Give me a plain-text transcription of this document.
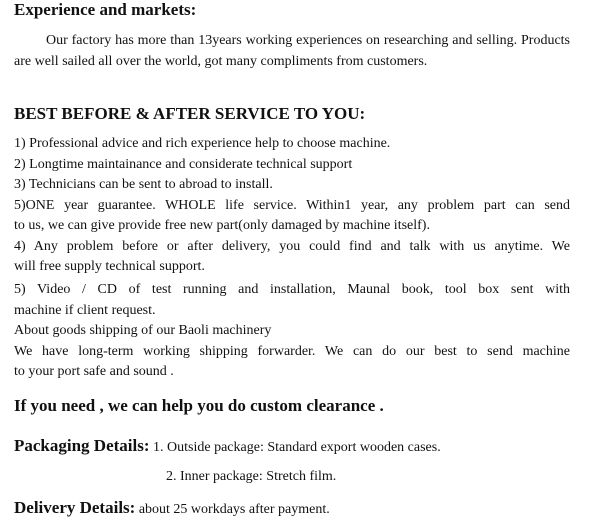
Experience and markets:
Our factory has more than 13years working experiences on researching and selling. Products are well sailed all over the world, got many compliments from customers.
BEST BEFORE & AFTER SERVICE TO YOU:
1) Professional advice and rich experience help to choose machine.
2) Longtime maintainance and considerate technical support
3) Technicians can be sent to abroad to install.
5)ONE year guarantee. WHOLE life service. Within1 year, any problem part can send
to us, we can give provide free new part(only damaged by machine itself).
4) Any problem before or after delivery, you could find and talk with us anytime. We
will free supply technical support.
5) Video / CD of test running and installation, Maunal book, tool box sent with
machine if client request.
About goods shipping of our Baoli machinery
We have long-term working shipping forwarder. We can do our best to send machine
to your port safe and sound .
If you need , we can help you do custom clearance .
Packaging Details: 1. Outside package: Standard export wooden cases.
2. Inner package: Stretch film.
Delivery Details: about 25 workdays after payment.
